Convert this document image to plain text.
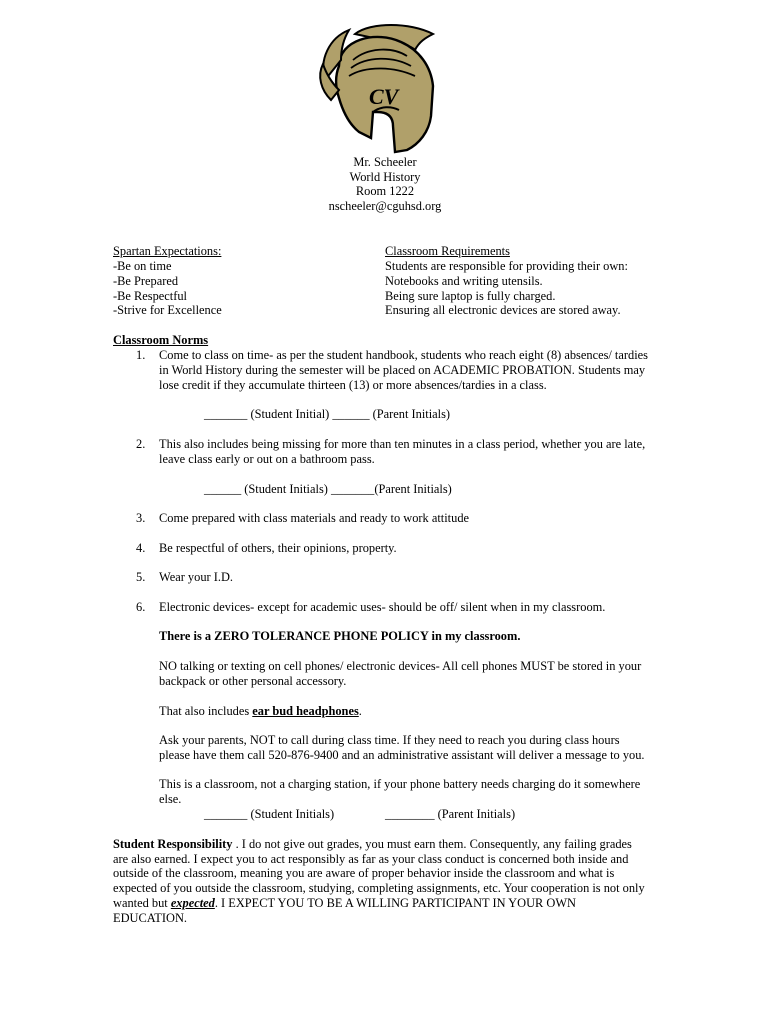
CV
Mr. Scheeler
World History
Room 1222
nscheeler@cguhsd.org
Spartan Expectations:
-Be on time
-Be Prepared
-Be Respectful
-Strive for Excellence
Classroom Requirements
Students are responsible for providing their own:
Notebooks and writing utensils.
Being sure laptop is fully charged.
Ensuring all electronic devices are stored away.
Classroom Norms
1. Come to class on time- as per the student handbook, students who reach eight (8) absences/ tardies
in World History during the semester will be placed on ACADEMIC PROBATION. Students may
lose credit if they accumulate thirteen (13) or more absences/tardies in a class.
_______ (Student Initial) ______ (Parent Initials)
2. This also includes being missing for more than ten minutes in a class period, whether you are late,
leave class early or out on a bathroom pass.
______ (Student Initials) _______(Parent Initials)
3. Come prepared with class materials and ready to work attitude
4. Be respectful of others, their opinions, property.
5. Wear your I.D.
6. Electronic devices- except for academic uses- should be off/ silent when in my classroom.
There is a ZERO TOLERANCE PHONE POLICY in my classroom.
NO talking or texting on cell phones/ electronic devices- All cell phones MUST be stored in your
backpack or other personal accessory.
That also includes ear bud headphones.
Ask your parents, NOT to call during class time. If they need to reach you during class hours
please have them call 520-876-9400 and an administrative assistant will deliver a message to you.
This is a classroom, not a charging station, if your phone battery needs charging do it somewhere
else.
_______ (Student Initials)	________ (Parent Initials)
Student Responsibility . I do not give out grades, you must earn them. Consequently, any failing grades
are also earned. I expect you to act responsibly as far as your class conduct is concerned both inside and
outside of the classroom, meaning you are aware of proper behavior inside the classroom and what is
expected of you outside the classroom, studying, completing assignments, etc. Your cooperation is not only
wanted but expected. I EXPECT YOU TO BE A WILLING PARTICIPANT IN YOUR OWN
EDUCATION.
